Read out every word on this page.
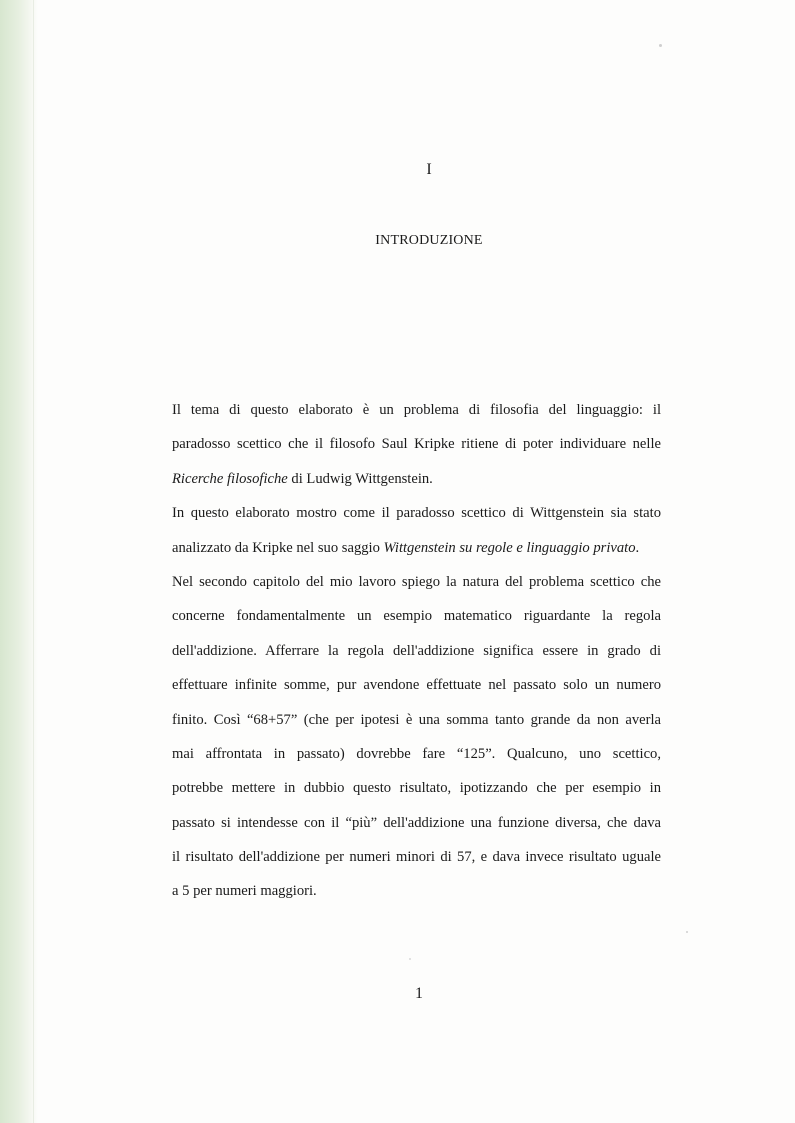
I
INTRODUZIONE
Il tema di questo elaborato è un problema di filosofia del linguaggio: il
paradosso scettico che il filosofo Saul Kripke ritiene di poter individuare nelle
Ricerche filosofiche di Ludwig Wittgenstein.
In questo elaborato mostro come il paradosso scettico di Wittgenstein sia stato
analizzato da Kripke nel suo saggio Wittgenstein su regole e linguaggio privato.
Nel secondo capitolo del mio lavoro spiego la natura del problema scettico che
concerne fondamentalmente un esempio matematico riguardante la regola
dell'addizione. Afferrare la regola dell'addizione significa essere in grado di
effettuare infinite somme, pur avendone effettuate nel passato solo un numero
finito. Così “68+57” (che per ipotesi è una somma tanto grande da non averla
mai affrontata in passato) dovrebbe fare “125”. Qualcuno, uno scettico,
potrebbe mettere in dubbio questo risultato, ipotizzando che per esempio in
passato si intendesse con il “più” dell'addizione una funzione diversa, che dava
il risultato dell'addizione per numeri minori di 57, e dava invece risultato uguale
a 5 per numeri maggiori.
1
